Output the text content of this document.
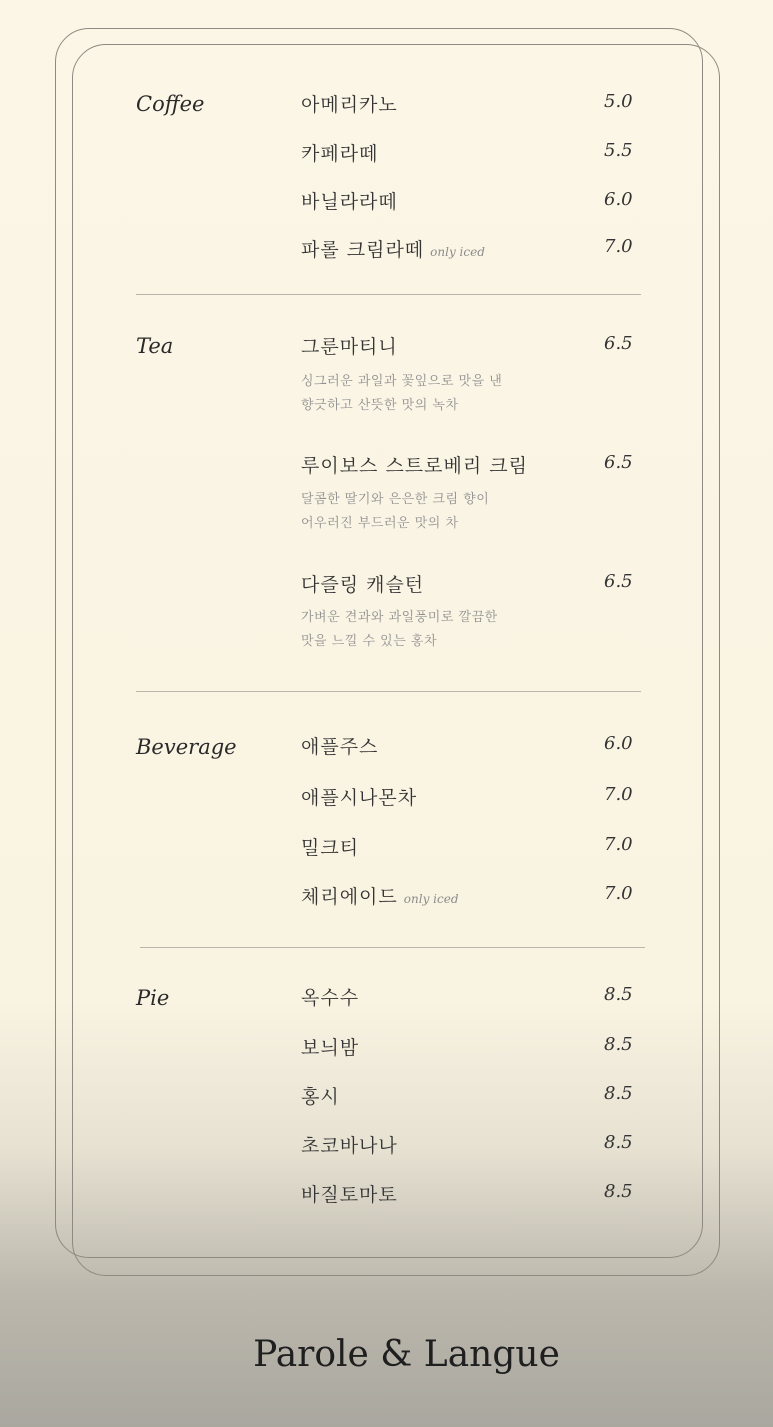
Coffee	아메리카노	5.0
카페라떼	5.5
바닐라라떼	6.0
파롤 크림라떼 only iced	7.0
Tea	그룬마티니	6.5
싱그러운 과일과 꽃잎으로 맛을 낸
향긋하고 산뜻한 맛의 녹차
루이보스 스트로베리 크림	6.5
달콤한 딸기와 은은한 크림 향이
어우러진 부드러운 맛의 차
다즐링 캐슬턴	6.5
가벼운 견과와 과일풍미로 깔끔한
맛을 느낄 수 있는 홍차
Beverage	애플주스	6.0
애플시나몬차	7.0
밀크티	7.0
체리에이드 only iced	7.0
Pie	옥수수	8.5
보늬밤	8.5
홍시	8.5
초코바나나	8.5
바질토마토	8.5
Parole & Langue
